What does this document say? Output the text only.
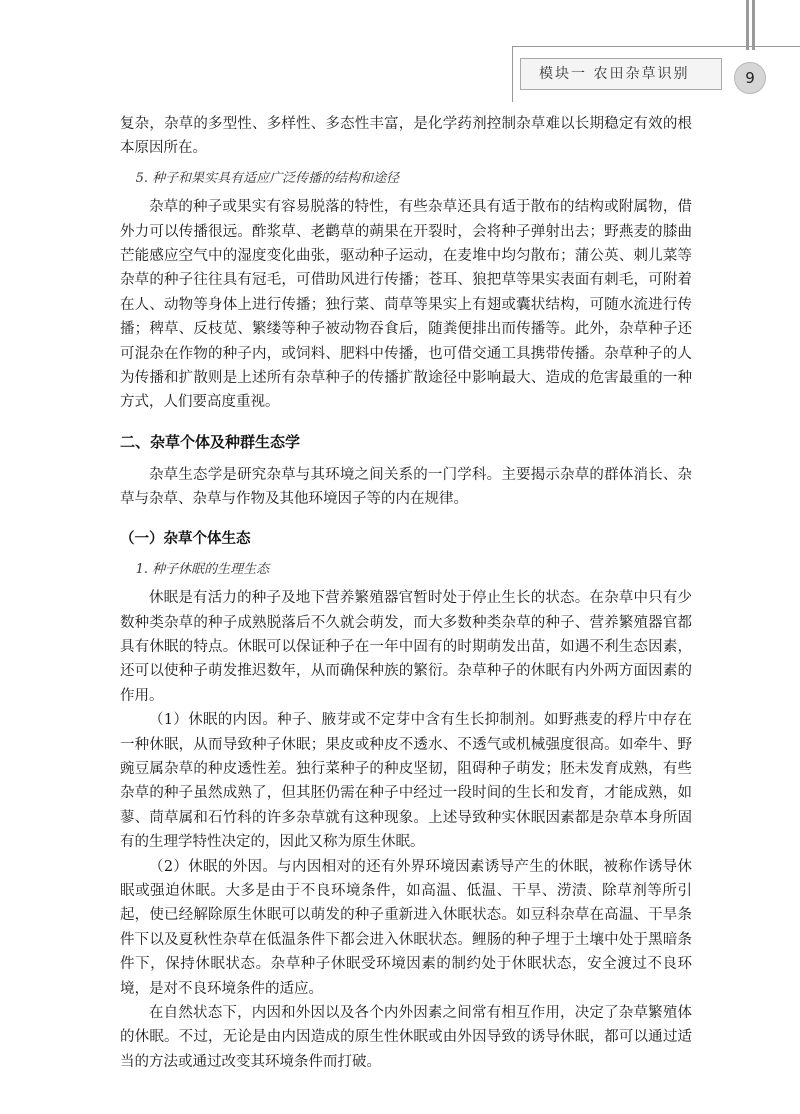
模块一 农田杂草识别	9

复杂，杂草的多型性、多样性、多态性丰富，是化学药剂控制杂草难以长期稳定有效的根本原因所在。

5. 种子和果实具有适应广泛传播的结构和途径

杂草的种子或果实有容易脱落的特性，有些杂草还具有适于散布的结构或附属物，借外力可以传播很远。酢浆草、老鹳草的蒴果在开裂时，会将种子弹射出去；野燕麦的膝曲芒能感应空气中的湿度变化曲张，驱动种子运动，在麦堆中均匀散布；蒲公英、刺儿菜等杂草的种子往往具有冠毛，可借助风进行传播；苍耳、狼把草等果实表面有刺毛，可附着在人、动物等身体上进行传播；独行菜、茼草等果实上有翅或囊状结构，可随水流进行传播；稗草、反枝苋、繁缕等种子被动物吞食后，随粪便排出而传播等。此外，杂草种子还可混杂在作物的种子内，或饲料、肥料中传播，也可借交通工具携带传播。杂草种子的人为传播和扩散则是上述所有杂草种子的传播扩散途径中影响最大、造成的危害最重的一种方式，人们要高度重视。

二、杂草个体及种群生态学

杂草生态学是研究杂草与其环境之间关系的一门学科。主要揭示杂草的群体消长、杂草与杂草、杂草与作物及其他环境因子等的内在规律。

（一）杂草个体生态

1. 种子休眠的生理生态

休眠是有活力的种子及地下营养繁殖器官暂时处于停止生长的状态。在杂草中只有少数种类杂草的种子成熟脱落后不久就会萌发，而大多数种类杂草的种子、营养繁殖器官都具有休眠的特点。休眠可以保证种子在一年中固有的时期萌发出苗，如遇不利生态因素，还可以使种子萌发推迟数年，从而确保种族的繁衍。杂草种子的休眠有内外两方面因素的作用。

（1）休眠的内因。种子、腋芽或不定芽中含有生长抑制剂。如野燕麦的稃片中存在一种休眠，从而导致种子休眠；果皮或种皮不透水、不透气或机械强度很高。如牵牛、野豌豆属杂草的种皮透性差。独行菜种子的种皮坚韧，阻碍种子萌发；胚未发育成熟，有些杂草的种子虽然成熟了，但其胚仍需在种子中经过一段时间的生长和发育，才能成熟，如蓼、茼草属和石竹科的许多杂草就有这种现象。上述导致种实休眠因素都是杂草本身所固有的生理学特性决定的，因此又称为原生休眠。

（2）休眠的外因。与内因相对的还有外界环境因素诱导产生的休眠，被称作诱导休眠或强迫休眠。大多是由于不良环境条件，如高温、低温、干旱、涝渍、除草剂等所引起，使已经解除原生休眠可以萌发的种子重新进入休眠状态。如豆科杂草在高温、干旱条件下以及夏秋性杂草在低温条件下都会进入休眠状态。鲤肠的种子埋于土壤中处于黑暗条件下，保持休眠状态。杂草种子休眠受环境因素的制约处于休眠状态，安全渡过不良环境，是对不良环境条件的适应。

在自然状态下，内因和外因以及各个内外因素之间常有相互作用，决定了杂草繁殖体的休眠。不过，无论是由内因造成的原生性休眠或由外因导致的诱导休眠，都可以通过适当的方法或通过改变其环境条件而打破。
